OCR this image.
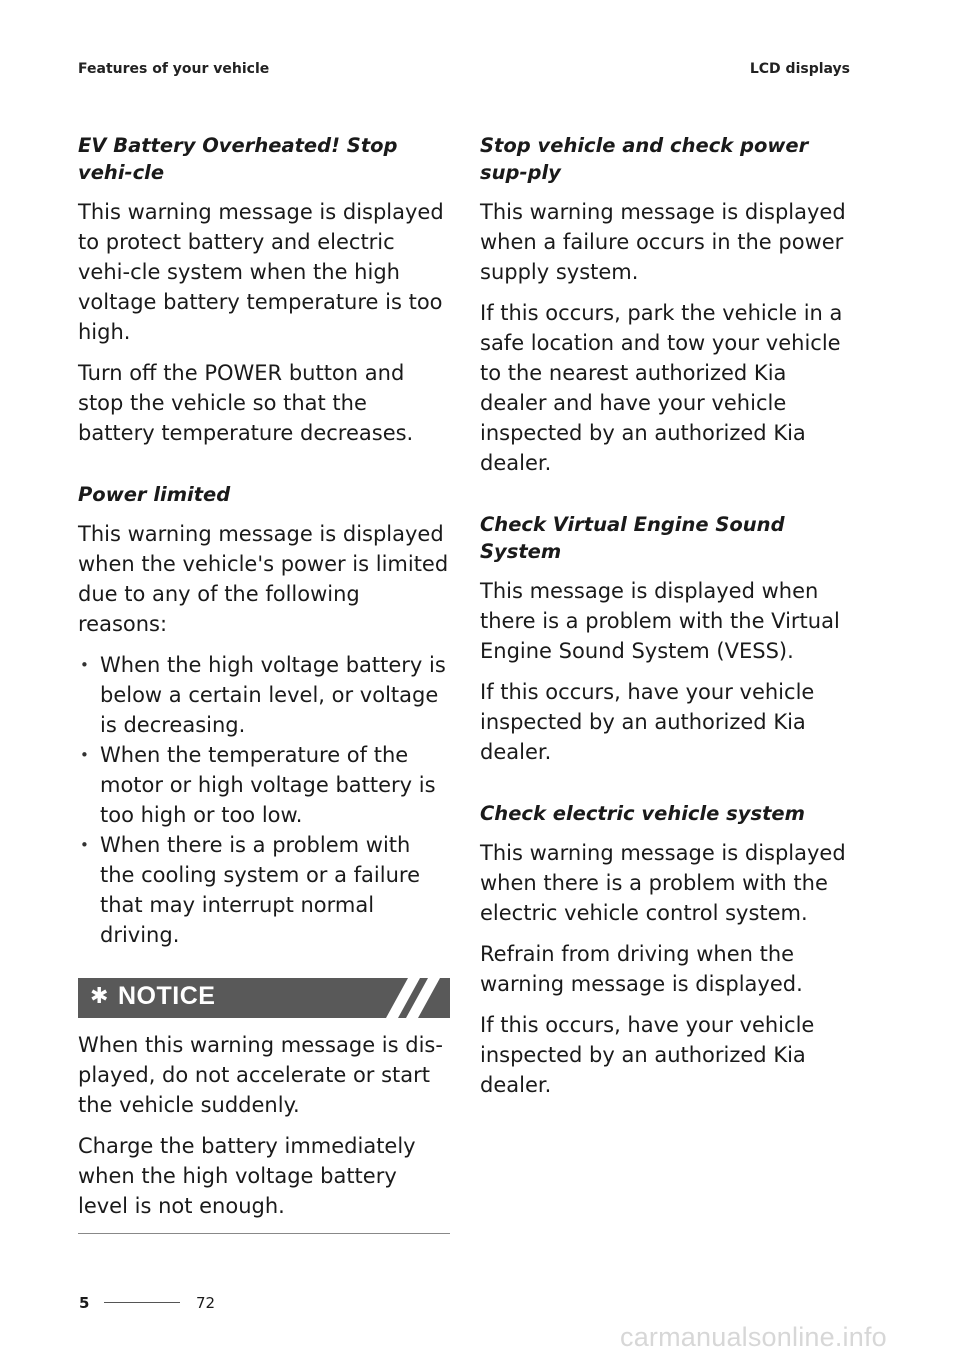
Features of your vehicle	LCD displays
EV Battery Overheated! Stop vehi-cle
This warning message is displayed to protect battery and electric vehi-cle system when the high voltage battery temperature is too high.
Turn off the POWER button and stop the vehicle so that the battery temperature decreases.
Power limited
This warning message is displayed when the vehicle's power is limited due to any of the following reasons:
• When the high voltage battery is below a certain level, or voltage is decreasing.
• When the temperature of the motor or high voltage battery is too high or too low.
• When there is a problem with the cooling system or a failure that may interrupt normal driving.
✱ NOTICE
When this warning message is dis-played, do not accelerate or start the vehicle suddenly.
Charge the battery immediately when the high voltage battery level is not enough.
Stop vehicle and check power sup-ply
This warning message is displayed when a failure occurs in the power supply system.
If this occurs, park the vehicle in a safe location and tow your vehicle to the nearest authorized Kia dealer and have your vehicle inspected by an authorized Kia dealer.
Check Virtual Engine Sound System
This message is displayed when there is a problem with the Virtual Engine Sound System (VESS).
If this occurs, have your vehicle inspected by an authorized Kia dealer.
Check electric vehicle system
This warning message is displayed when there is a problem with the electric vehicle control system.
Refrain from driving when the warning message is displayed.
If this occurs, have your vehicle inspected by an authorized Kia dealer.
5	72
carmanualsonline.info
